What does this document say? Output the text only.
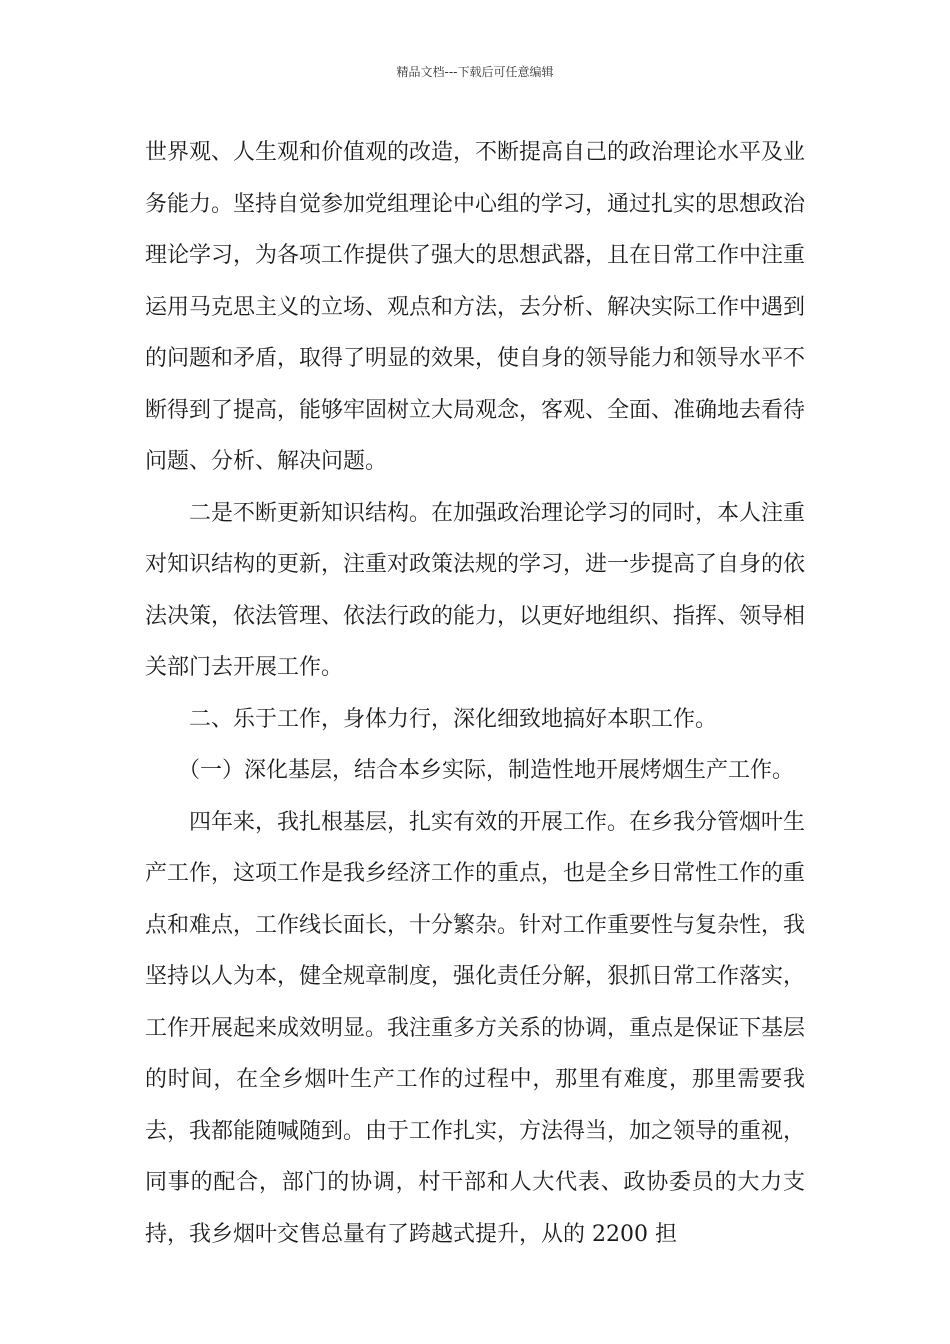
精品文档---下载后可任意编辑

世界观、人生观和价值观的改造，不断提高自己的政治理论水平及业务能力。坚持自觉参加党组理论中心组的学习，通过扎实的思想政治理论学习，为各项工作提供了强大的思想武器，且在日常工作中注重运用马克思主义的立场、观点和方法，去分析、解决实际工作中遇到的问题和矛盾，取得了明显的效果，使自身的领导能力和领导水平不断得到了提高，能够牢固树立大局观念，客观、全面、准确地去看待问题、分析、解决问题。

二是不断更新知识结构。在加强政治理论学习的同时，本人注重对知识结构的更新，注重对政策法规的学习，进一步提高了自身的依法决策，依法管理、依法行政的能力，以更好地组织、指挥、领导相关部门去开展工作。

二、乐于工作，身体力行，深化细致地搞好本职工作。

（一）深化基层，结合本乡实际，制造性地开展烤烟生产工作。

四年来，我扎根基层，扎实有效的开展工作。在乡我分管烟叶生产工作，这项工作是我乡经济工作的重点，也是全乡日常性工作的重点和难点，工作线长面长，十分繁杂。针对工作重要性与复杂性，我坚持以人为本，健全规章制度，强化责任分解，狠抓日常工作落实，工作开展起来成效明显。我注重多方关系的协调，重点是保证下基层的时间，在全乡烟叶生产工作的过程中，那里有难度，那里需要我去，我都能随喊随到。由于工作扎实，方法得当，加之领导的重视，同事的配合，部门的协调，村干部和人大代表、政协委员的大力支持，我乡烟叶交售总量有了跨越式提升，从的 2200 担
